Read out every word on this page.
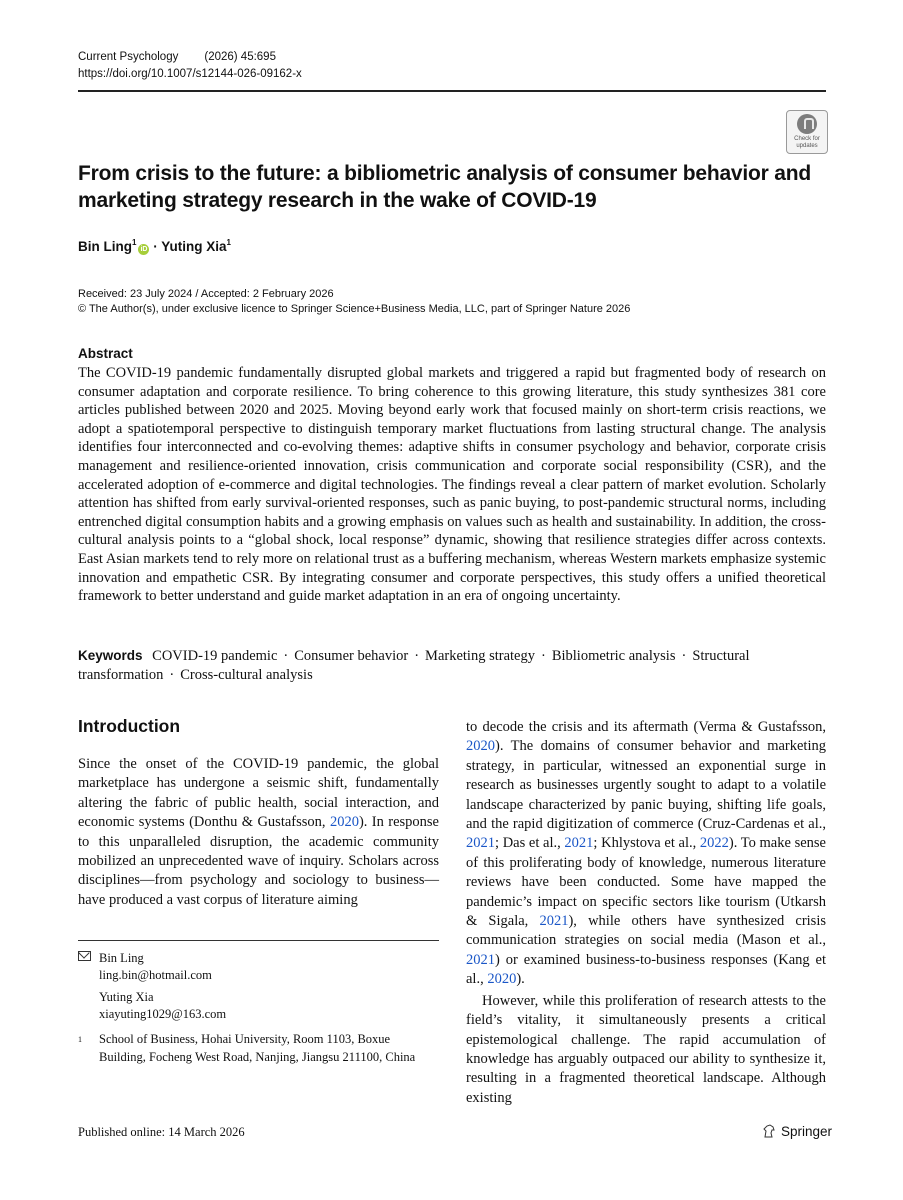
Current Psychology (2026) 45:695
https://doi.org/10.1007/s12144-026-09162-x
Check for
updates
From crisis to the future: a bibliometric analysis of consumer behavior and marketing strategy research in the wake of COVID-19
Bin Ling$^1$iD · Yuting Xia$^1$
Received: 23 July 2024 / Accepted: 2 February 2026
© The Author(s), under exclusive licence to Springer Science+Business Media, LLC, part of Springer Nature 2026
Abstract
The COVID-19 pandemic fundamentally disrupted global markets and triggered a rapid but fragmented body of research on consumer adaptation and corporate resilience. To bring coherence to this growing literature, this study synthesizes 381 core articles published between 2020 and 2025. Moving beyond early work that focused mainly on short-term crisis reactions, we adopt a spatiotemporal perspective to distinguish temporary market fluctuations from lasting structural change. The analysis identifies four interconnected and co-evolving themes: adaptive shifts in consumer psychology and behavior, corporate crisis management and resilience-oriented innovation, crisis communication and corporate social responsibility (CSR), and the accelerated adoption of e-commerce and digital technologies. The findings reveal a clear pattern of market evolution. Scholarly attention has shifted from early survival-oriented responses, such as panic buying, to post-pandemic structural norms, including entrenched digital consumption habits and a growing emphasis on values such as health and sustainability. In addition, the cross-cultural analysis points to a “global shock, local response” dynamic, showing that resilience strategies differ across contexts. East Asian markets tend to rely more on relational trust as a buffering mechanism, whereas Western markets emphasize systemic innovation and empathetic CSR. By integrating consumer and corporate perspectives, this study offers a unified theoretical framework to better understand and guide market adaptation in an era of ongoing uncertainty.
Keywords COVID-19 pandemic · Consumer behavior · Marketing strategy · Bibliometric analysis · Structural transformation · Cross-cultural analysis
Introduction

Since the onset of the COVID-19 pandemic, the global marketplace has undergone a seismic shift, fundamentally altering the fabric of public health, social interaction, and economic systems (Donthu & Gustafsson, 2020). In response to this unparalleled disruption, the academic community mobilized an unprecedented wave of inquiry. Scholars across disciplines—from psychology and sociology to business—have produced a vast corpus of literature aiming

to decode the crisis and its aftermath (Verma & Gustafsson, 2020). The domains of consumer behavior and marketing strategy, in particular, witnessed an exponential surge in research as businesses urgently sought to adapt to a volatile landscape characterized by panic buying, shifting life goals, and the rapid digitization of commerce (Cruz-Cardenas et al., 2021; Das et al., 2021; Khlystova et al., 2022). To make sense of this proliferating body of knowledge, numerous literature reviews have been conducted. Some have mapped the pandemic’s impact on specific sectors like tourism (Utkarsh & Sigala, 2021), while others have synthesized crisis communication strategies on social media (Mason et al., 2021) or examined business-to-business responses (Kang et al., 2020).

However, while this proliferation of research attests to the field’s vitality, it simultaneously presents a critical epistemological challenge. The rapid accumulation of knowledge has arguably outpaced our ability to synthesize it, resulting in a fragmented theoretical landscape. Although existing

Bin Ling
ling.bin@hotmail.com
Yuting Xia
xiayuting1029@163.com
1	School of Business, Hohai University, Room 1103, Boxue Building, Focheng West Road, Nanjing, Jiangsu 211100, China
Published online: 14 March 2026	Springer
